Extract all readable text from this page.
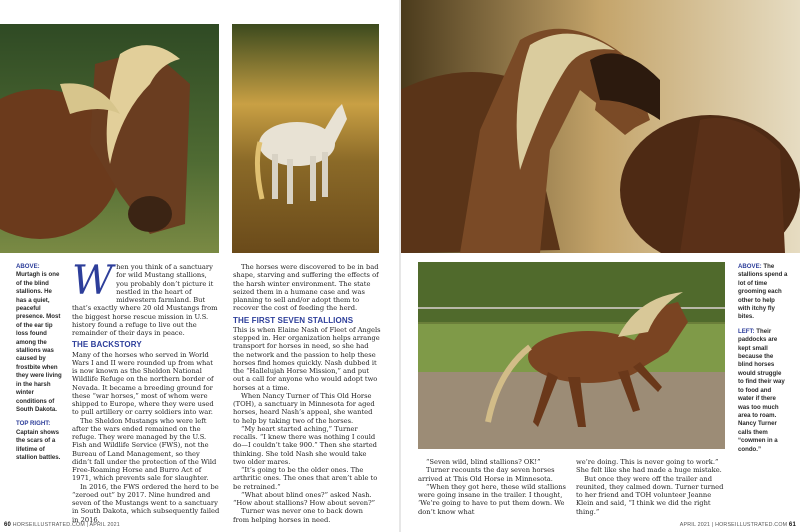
ABOVE: Murtagh is one of the blind stallions. He has a quiet, peaceful presence. Most of the ear tip loss found among the stallions was caused by frostbite when they were living in the harsh winter conditions of South Dakota.

TOP RIGHT: Captain shows the scars of a lifetime of stallion battles.

When you think of a sanctuary for wild Mustang stallions, you probably don’t picture it nestled in the heart of midwestern farmland. But that’s exactly where 20 old Mustangs from the biggest horse rescue mission in U.S. history found a refuge to live out the remainder of their days in peace.

THE BACKSTORY

Many of the horses who served in World Wars I and II were rounded up from what is now known as the Sheldon National Wildlife Refuge on the northern border of Nevada. It became a breeding ground for these “war horses,” most of whom were shipped to Europe, where they were used to pull artillery or carry soldiers into war.

The Sheldon Mustangs who were left after the wars ended remained on the refuge. They were managed by the U.S. Fish and Wildlife Service (FWS), not the Bureau of Land Management, so they didn’t fall under the protection of the Wild Free-Roaming Horse and Burro Act of 1971, which prevents sale for slaughter.

In 2016, the FWS ordered the herd to be “zeroed out” by 2017. Nine hundred and seven of the Mustangs went to a sanctuary in South Dakota, which subsequently failed in 2016.

The horses were discovered to be in bad shape, starving and suffering the effects of the harsh winter environment. The state seized them in a humane case and was planning to sell and/or adopt them to recover the cost of feeding the herd.

THE FIRST SEVEN STALLIONS

This is when Elaine Nash of Fleet of Angels stepped in. Her organization helps arrange transport for horses in need, so she had the network and the passion to help these horses find homes quickly. Nash dubbed it the “Hallelujah Horse Mission,” and put out a call for anyone who would adopt two horses at a time.

When Nancy Turner of This Old Horse (TOH), a sanctuary in Minnesota for aged horses, heard Nash’s appeal, she wanted to help by taking two of the horses.

“My heart started aching,” Turner recalls. “I knew there was nothing I could do—I couldn’t take 900.” Then she started thinking. She told Nash she would take two older mares.

“It’s going to be the older ones. The arthritic ones. The ones that aren’t able to be retrained.”

“What about blind ones?” asked Nash. “How about stallions? How about seven?”

Turner was never one to back down from helping horses in need.

“Seven wild, blind stallions? OK!”

Turner recounts the day seven horses arrived at This Old Horse in Minnesota.

“When they got here, these wild stallions were going insane in the trailer. I thought, ‘We’re going to have to put them down. We don’t know what

we’re doing. This is never going to work.” She felt like she had made a huge mistake.

But once they were off the trailer and reunited, they calmed down. Turner turned to her friend and TOH volunteer Jeanne Klein and said, “I think we did the right thing.”

ABOVE: The stallions spend a lot of time grooming each other to help with itchy fly bites.

LEFT: Their paddocks are kept small because the blind horses would struggle to find their way to food and water if there was too much area to roam. Nancy Turner calls them “cowmen in a condo.”

60 HORSEILLUSTRATED.COM | APRIL 2021	APRIL 2021 | HORSEILLUSTRATED.COM 61
